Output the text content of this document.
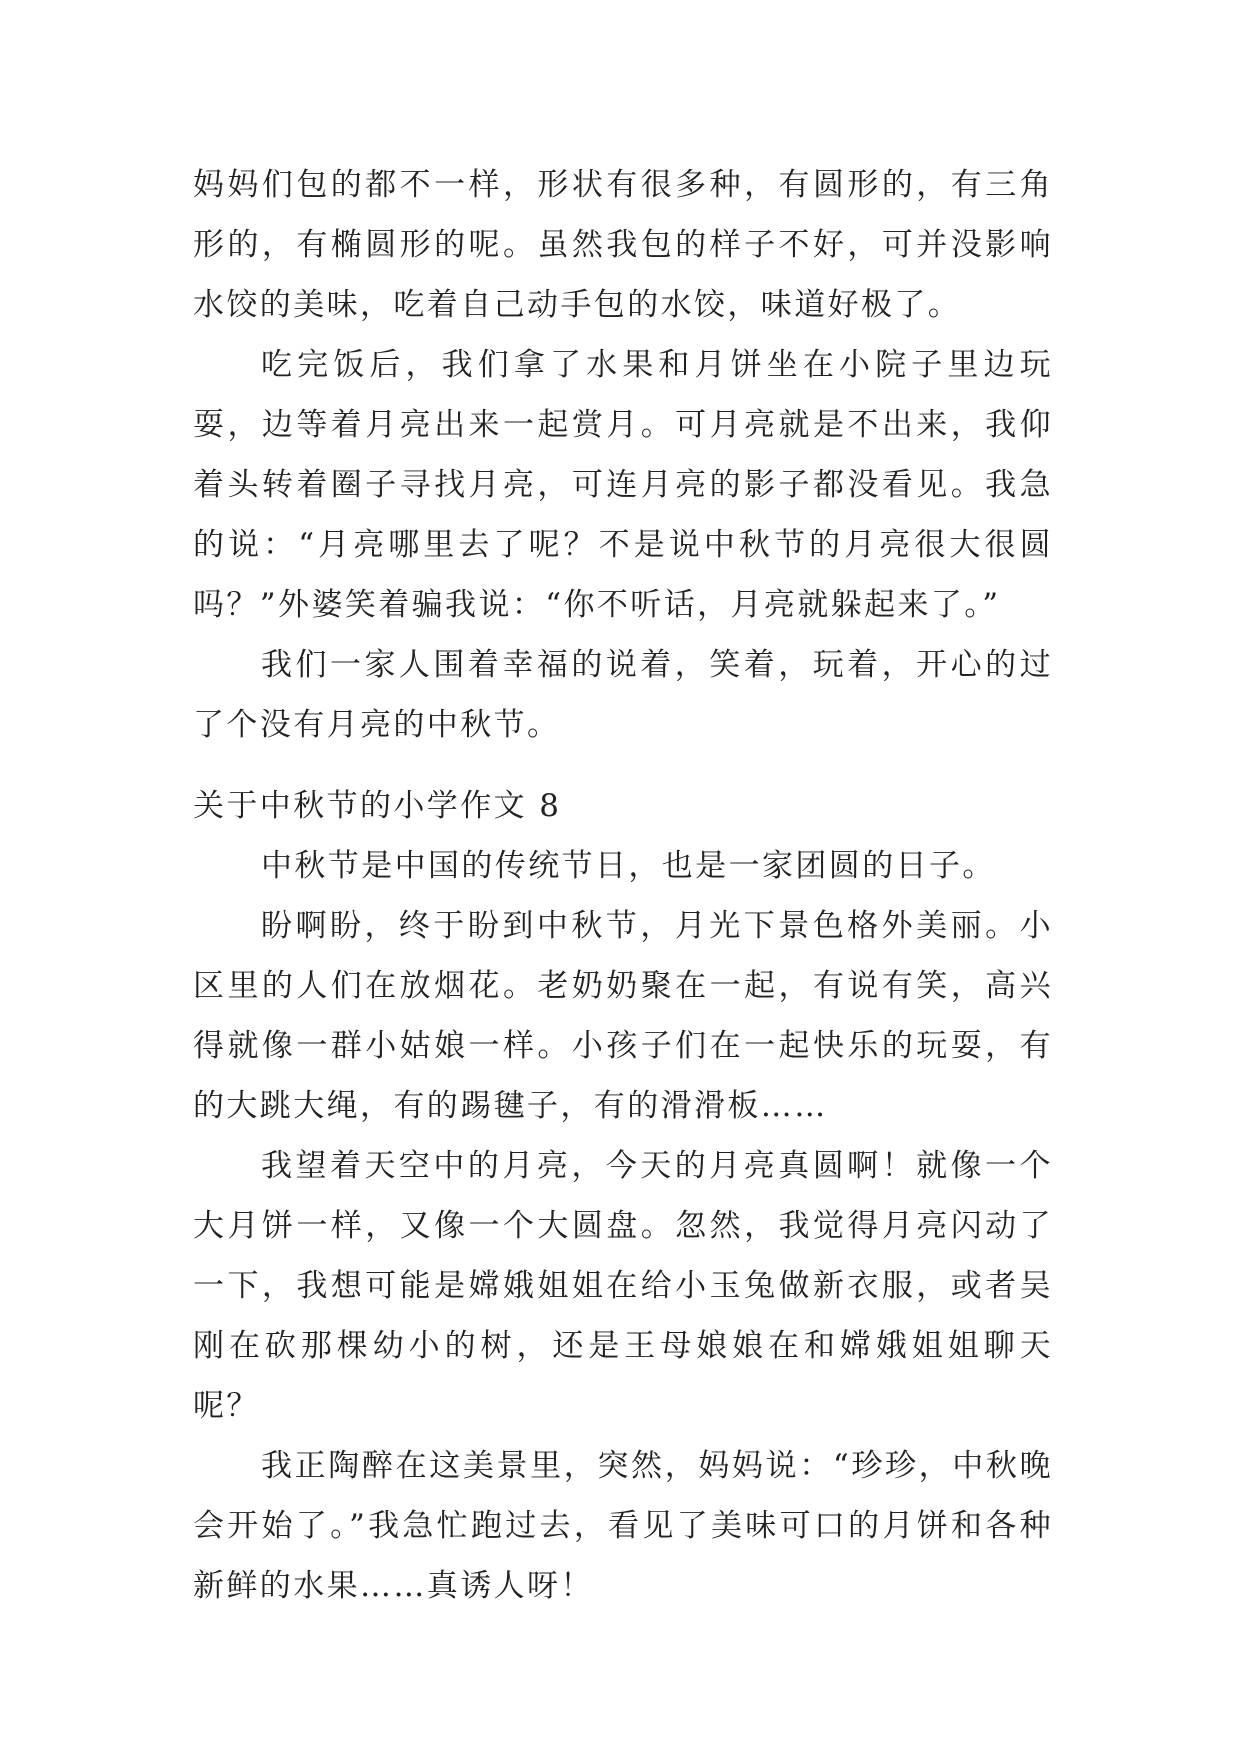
妈妈们包的都不一样，形状有很多种，有圆形的，有三角形的，有椭圆形的呢。虽然我包的样子不好，可并没影响水饺的美味，吃着自己动手包的水饺，味道好极了。

吃完饭后，我们拿了水果和月饼坐在小院子里边玩耍，边等着月亮出来一起赏月。可月亮就是不出来，我仰着头转着圈子寻找月亮，可连月亮的影子都没看见。我急的说：“月亮哪里去了呢？不是说中秋节的月亮很大很圆吗？”外婆笑着骗我说：“你不听话，月亮就躲起来了。”

我们一家人围着幸福的说着，笑着，玩着，开心的过了个没有月亮的中秋节。

关于中秋节的小学作文 8

中秋节是中国的传统节日，也是一家团圆的日子。

盼啊盼，终于盼到中秋节，月光下景色格外美丽。小区里的人们在放烟花。老奶奶聚在一起，有说有笑，高兴得就像一群小姑娘一样。小孩子们在一起快乐的玩耍，有的大跳大绳，有的踢毽子，有的滑滑板……

我望着天空中的月亮，今天的月亮真圆啊！就像一个大月饼一样，又像一个大圆盘。忽然，我觉得月亮闪动了一下，我想可能是嫦娥姐姐在给小玉兔做新衣服，或者吴刚在砍那棵幼小的树，还是王母娘娘在和嫦娥姐姐聊天呢？

我正陶醉在这美景里，突然，妈妈说：“珍珍，中秋晚会开始了。”我急忙跑过去，看见了美味可口的月饼和各种新鲜的水果……真诱人呀！
